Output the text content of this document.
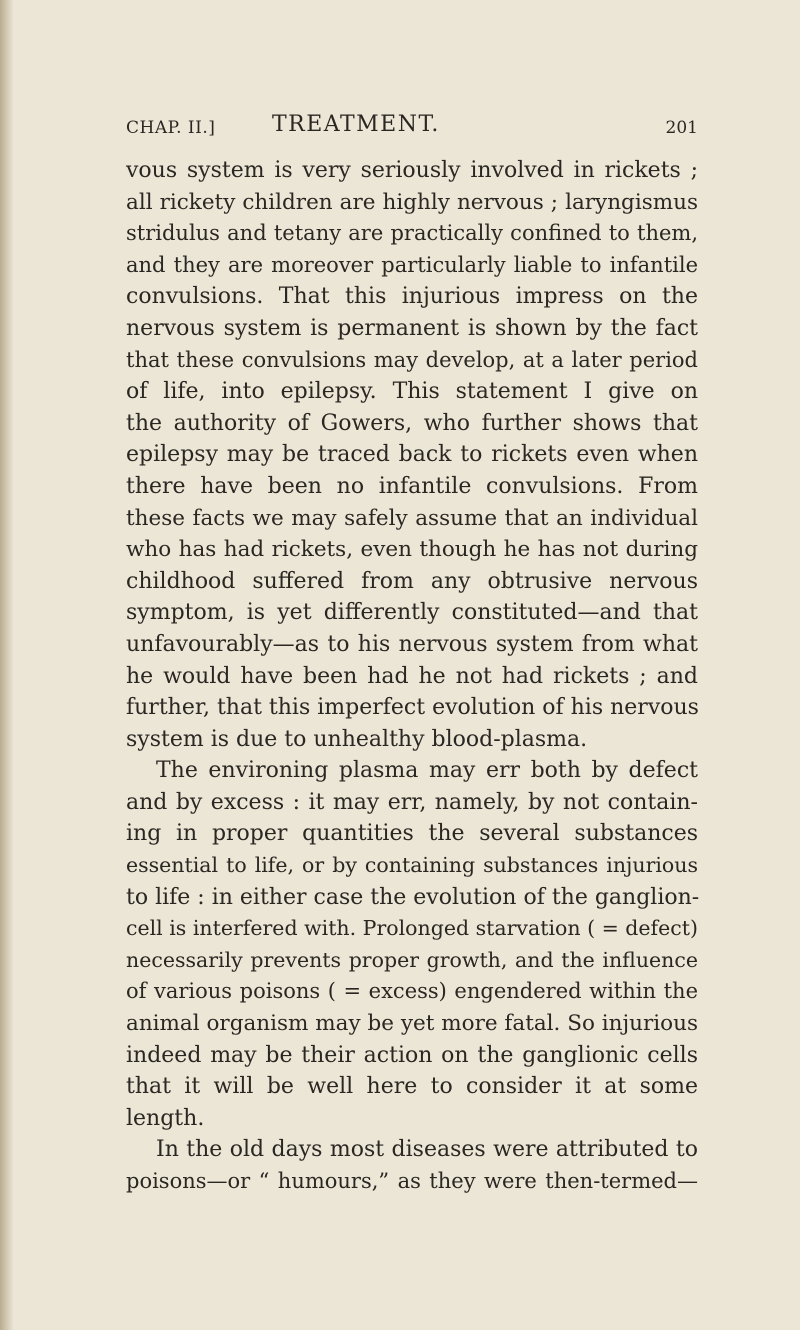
CHAP. II.]	TREATMENT.	201
vous system is very seriously involved in rickets ;
all rickety children are highly nervous ; laryngismus
stridulus and tetany are practically confined to them,
and they are moreover particularly liable to infantile
convulsions. That this injurious impress on the
nervous system is permanent is shown by the fact
that these convulsions may develop, at a later period
of life, into epilepsy. This statement I give on
the authority of Gowers, who further shows that
epilepsy may be traced back to rickets even when
there have been no infantile convulsions. From
these facts we may safely assume that an individual
who has had rickets, even though he has not during
childhood suffered from any obtrusive nervous
symptom, is yet differently constituted—and that
unfavourably—as to his nervous system from what
he would have been had he not had rickets ; and
further, that this imperfect evolution of his nervous
system is due to unhealthy blood-plasma.
The environing plasma may err both by defect
and by excess : it may err, namely, by not contain-
ing in proper quantities the several substances
essential to life, or by containing substances injurious
to life : in either case the evolution of the ganglion-
cell is interfered with. Prolonged starvation ( = defect)
necessarily prevents proper growth, and the influence
of various poisons ( = excess) engendered within the
animal organism may be yet more fatal. So injurious
indeed may be their action on the ganglionic cells
that it will be well here to consider it at some
length.
In the old days most diseases were attributed to
poisons—or “ humours,” as they were then-termed—
